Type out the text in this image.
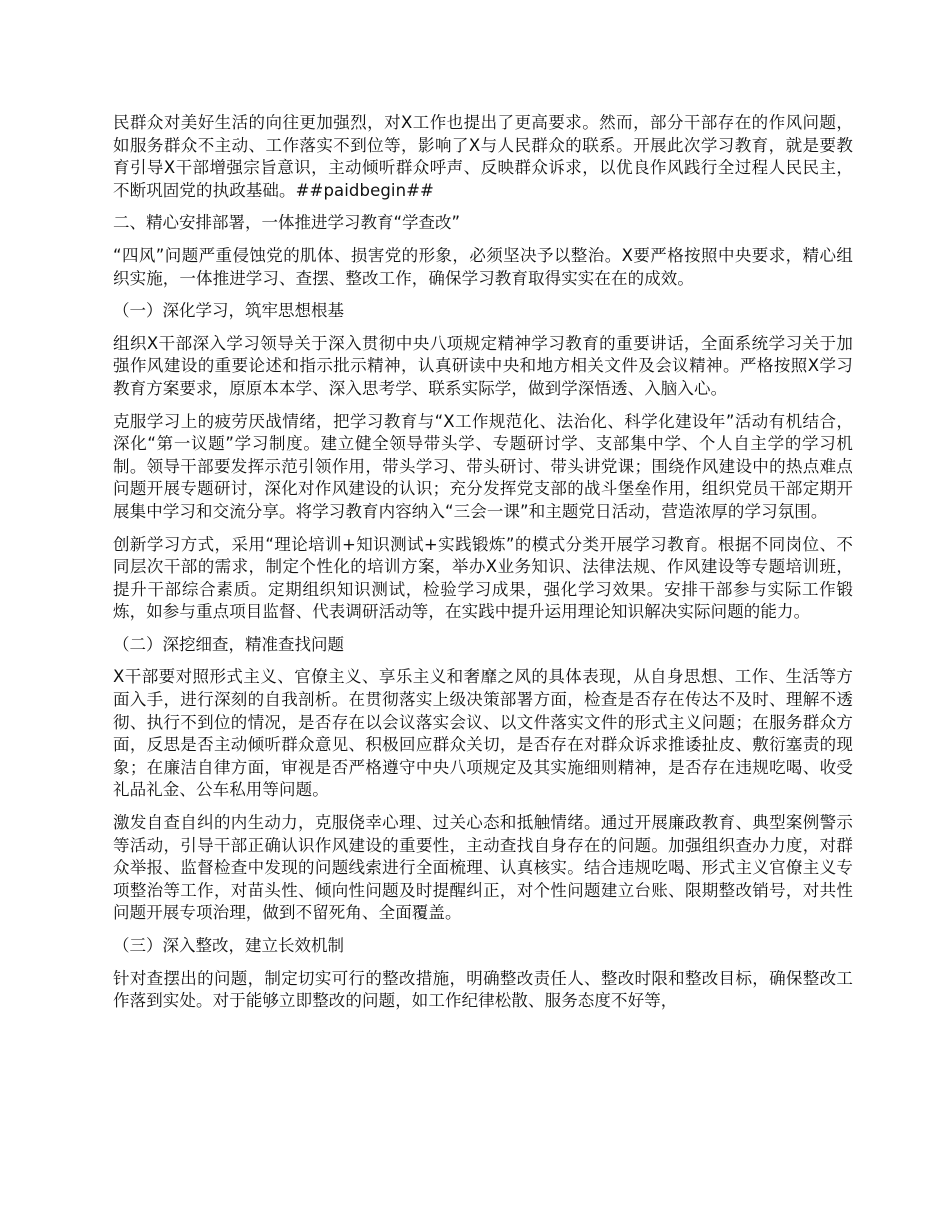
民群众对美好生活的向往更加强烈，对X工作也提出了更高要求。然而，部分干部存在的作风问题，如服务群众不主动、工作落实不到位等，影响了X与人民群众的联系。开展此次学习教育，就是要教育引导X干部增强宗旨意识，主动倾听群众呼声、反映群众诉求，以优良作风践行全过程人民民主，不断巩固党的执政基础。##paidbegin##

二、精心安排部署，一体推进学习教育“学查改”

“四风”问题严重侵蚀党的肌体、损害党的形象，必须坚决予以整治。X要严格按照中央要求，精心组织实施，一体推进学习、查摆、整改工作，确保学习教育取得实实在在的成效。

（一）深化学习，筑牢思想根基

组织X干部深入学习领导关于深入贯彻中央八项规定精神学习教育的重要讲话，全面系统学习关于加强作风建设的重要论述和指示批示精神，认真研读中央和地方相关文件及会议精神。严格按照X学习教育方案要求，原原本本学、深入思考学、联系实际学，做到学深悟透、入脑入心。

克服学习上的疲劳厌战情绪，把学习教育与“X工作规范化、法治化、科学化建设年”活动有机结合，深化“第一议题”学习制度。建立健全领导带头学、专题研讨学、支部集中学、个人自主学的学习机制。领导干部要发挥示范引领作用，带头学习、带头研讨、带头讲党课；围绕作风建设中的热点难点问题开展专题研讨，深化对作风建设的认识；充分发挥党支部的战斗堡垒作用，组织党员干部定期开展集中学习和交流分享。将学习教育内容纳入“三会一课”和主题党日活动，营造浓厚的学习氛围。

创新学习方式，采用“理论培训+知识测试+实践锻炼”的模式分类开展学习教育。根据不同岗位、不同层次干部的需求，制定个性化的培训方案，举办X业务知识、法律法规、作风建设等专题培训班，提升干部综合素质。定期组织知识测试，检验学习成果，强化学习效果。安排干部参与实际工作锻炼，如参与重点项目监督、代表调研活动等，在实践中提升运用理论知识解决实际问题的能力。

（二）深挖细查，精准查找问题

X干部要对照形式主义、官僚主义、享乐主义和奢靡之风的具体表现，从自身思想、工作、生活等方面入手，进行深刻的自我剖析。在贯彻落实上级决策部署方面，检查是否存在传达不及时、理解不透彻、执行不到位的情况，是否存在以会议落实会议、以文件落实文件的形式主义问题；在服务群众方面，反思是否主动倾听群众意见、积极回应群众关切，是否存在对群众诉求推诿扯皮、敷衍塞责的现象；在廉洁自律方面，审视是否严格遵守中央八项规定及其实施细则精神，是否存在违规吃喝、收受礼品礼金、公车私用等问题。

激发自查自纠的内生动力，克服侥幸心理、过关心态和抵触情绪。通过开展廉政教育、典型案例警示等活动，引导干部正确认识作风建设的重要性，主动查找自身存在的问题。加强组织查办力度，对群众举报、监督检查中发现的问题线索进行全面梳理、认真核实。结合违规吃喝、形式主义官僚主义专项整治等工作，对苗头性、倾向性问题及时提醒纠正，对个性问题建立台账、限期整改销号，对共性问题开展专项治理，做到不留死角、全面覆盖。

（三）深入整改，建立长效机制

针对查摆出的问题，制定切实可行的整改措施，明确整改责任人、整改时限和整改目标，确保整改工作落到实处。对于能够立即整改的问题，如工作纪律松散、服务态度不好等，
